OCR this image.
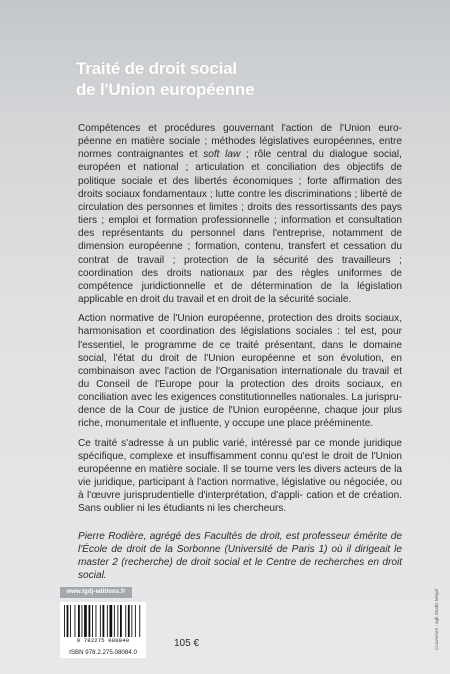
Traité de droit social
de l'Union européenne

Compétences et procédures gouvernant l'action de l'Union euro- péenne en matière sociale ; méthodes législatives européennes, entre normes contraignantes et soft law ; rôle central du dialogue social, européen et national ; articulation et conciliation des objectifs de politique sociale et des libertés économiques ; forte affirmation des droits sociaux fondamentaux ; lutte contre les discriminations ; liberté de circulation des personnes et limites ; droits des ressortissants des pays tiers ; emploi et formation professionnelle ; information et consultation des représentants du personnel dans l'entreprise, notamment de dimension européenne ; formation, contenu, transfert et cessation du contrat de travail ; protection de la sécurité des travailleurs ; coordination des droits nationaux par des règles uniformes de compétence juridictionnelle et de détermination de la législation applicable en droit du travail et en droit de la sécurité sociale.

Action normative de l'Union européenne, protection des droits sociaux, harmonisation et coordination des législations sociales : tel est, pour l'essentiel, le programme de ce traité présentant, dans le domaine social, l'état du droit de l'Union européenne et son évolution, en combinaison avec l'action de l'Organisation internationale du travail et du Conseil de l'Europe pour la protection des droits sociaux, en conciliation avec les exigences constitutionnelles nationales. La jurispru- dence de la Cour de justice de l'Union européenne, chaque jour plus riche, monumentale et influente, y occupe une place prééminente.

Ce traité s'adresse à un public varié, intéressé par ce monde juridique spécifique, complexe et insuffisamment connu qu'est le droit de l'Union européenne en matière sociale. Il se tourne vers les divers acteurs de la vie juridique, participant à l'action normative, législative ou négociée, ou à l'œuvre jurisprudentielle d'interprétation, d'appli- cation et de création. Sans oublier ni les étudiants ni les chercheurs.

Pierre Rodière, agrégé des Facultés de droit, est professeur émérite de l'École de droit de la Sorbonne (Université de Paris 1) où il dirigeait le master 2 (recherche) de droit social et le Centre de recherches en droit social.

www.lgdj-editions.fr
9 782275 080840
ISBN 978.2.275.08084.0
105 €	Couverture : agb Studio Mégaf
